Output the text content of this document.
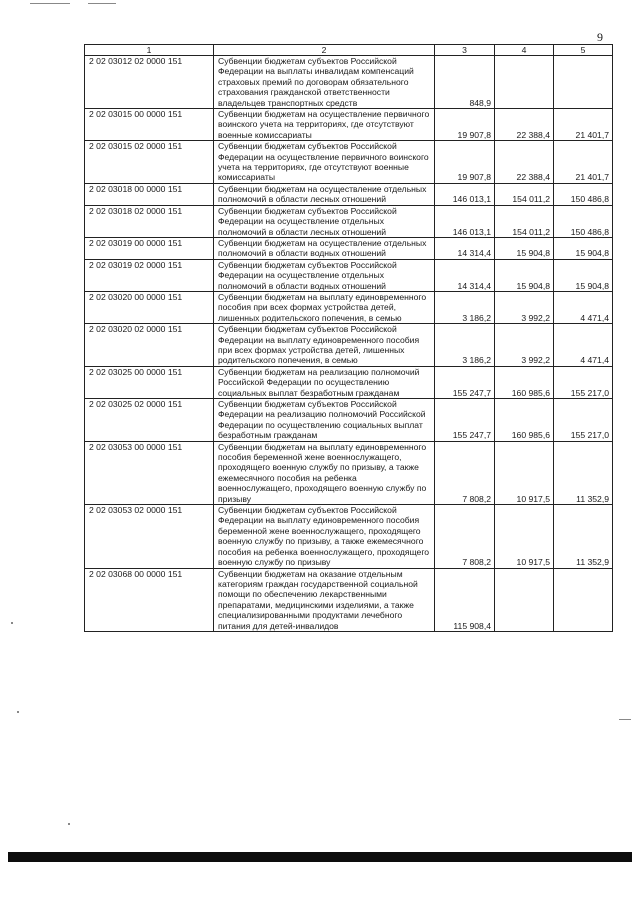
9
1	2	3	4	5
2 02 03012 02 0000 151	Субвенции бюджетам субъектов Российской Федерации на выплаты инвалидам компенсаций страховых премий по договорам обязательного страхования гражданской ответственности владельцев транспортных средств	848,9		
2 02 03015 00 0000 151	Субвенции бюджетам на осуществление первичного воинского учета на территориях, где отсутствуют военные комиссариаты	19 907,8	22 388,4	21 401,7
2 02 03015 02 0000 151	Субвенции бюджетам субъектов Российской Федерации на осуществление первичного воинского учета на территориях, где отсутствуют военные комиссариаты	19 907,8	22 388,4	21 401,7
2 02 03018 00 0000 151	Субвенции бюджетам на осуществление отдельных полномочий в области лесных отношений	146 013,1	154 011,2	150 486,8
2 02 03018 02 0000 151	Субвенции бюджетам субъектов Российской Федерации на осуществление отдельных полномочий в области лесных отношений	146 013,1	154 011,2	150 486,8
2 02 03019 00 0000 151	Субвенции бюджетам на осуществление отдельных полномочий в области водных отношений	14 314,4	15 904,8	15 904,8
2 02 03019 02 0000 151	Субвенции бюджетам субъектов Российской Федерации на осуществление отдельных полномочий в области водных отношений	14 314,4	15 904,8	15 904,8
2 02 03020 00 0000 151	Субвенции бюджетам на выплату единовременного пособия при всех формах устройства детей, лишенных родительского попечения, в семью	3 186,2	3 992,2	4 471,4
2 02 03020 02 0000 151	Субвенции бюджетам субъектов Российской Федерации на выплату единовременного пособия при всех формах устройства детей, лишенных родительского попечения, в семью	3 186,2	3 992,2	4 471,4
2 02 03025 00 0000 151	Субвенции бюджетам на реализацию полномочий Российской Федерации по осуществлению социальных выплат безработным гражданам	155 247,7	160 985,6	155 217,0
2 02 03025 02 0000 151	Субвенции бюджетам субъектов Российской Федерации на реализацию полномочий Российской Федерации по осуществлению социальных выплат безработным гражданам	155 247,7	160 985,6	155 217,0
2 02 03053 00 0000 151	Субвенции бюджетам на выплату единовременного пособия беременной жене военнослужащего, проходящего военную службу по призыву, а также ежемесячного пособия на ребенка военнослужащего, проходящего военную службу по призыву	7 808,2	10 917,5	11 352,9
2 02 03053 02 0000 151	Субвенции бюджетам субъектов Российской Федерации на выплату единовременного пособия беременной жене военнослужащего, проходящего военную службу по призыву, а также ежемесячного пособия на ребенка военнослужащего, проходящего военную службу по призыву	7 808,2	10 917,5	11 352,9
2 02 03068 00 0000 151	Субвенции бюджетам на оказание отдельным категориям граждан государственной социальной помощи по обеспечению лекарственными препаратами, медицинскими изделиями, а также специализированными продуктами лечебного питания для детей-инвалидов	115 908,4		
